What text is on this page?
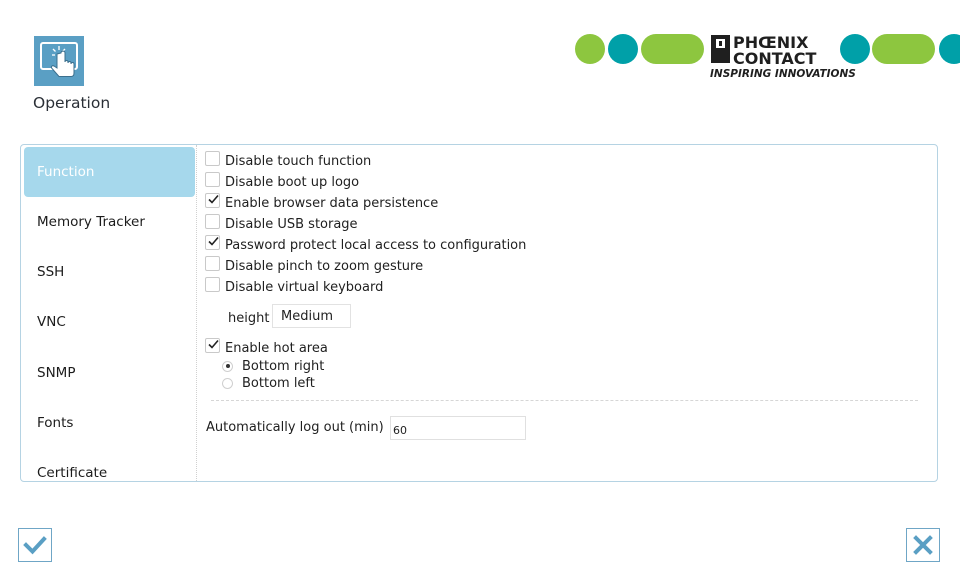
Operation
PHŒNIX
CONTACT
INSPIRING INNOVATIONS
Function
Memory Tracker
SSH
VNC
SNMP
Fonts
Certificate
Disable touch function
Disable boot up logo
Enable browser data persistence
Disable USB storage
Password protect local access to configuration
Disable pinch to zoom gesture
Disable virtual keyboard
height Medium
Enable hot area
Bottom right
Bottom left
Automatically log out (min)
60
